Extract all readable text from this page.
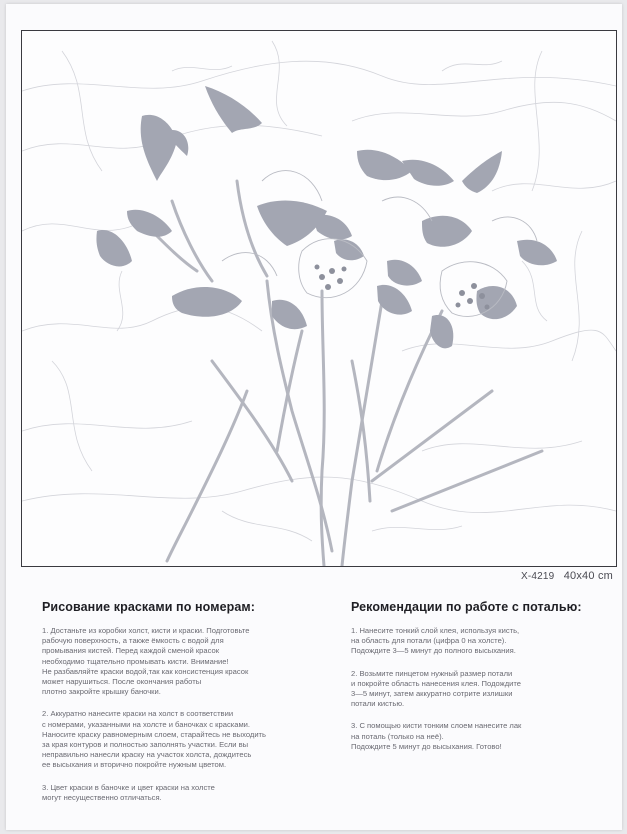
X-4219 40х40 cm
Рисование красками по номерам:
1. Достаньте из коробки холст, кисти и краски. Подготовьте
рабочую поверхность, а также ёмкость с водой для
промывания кистей. Перед каждой сменой красок
необходимо тщательно промывать кисти. Внимание!
Не разбавляйте краски водой,так как консистенция красок
может нарушиться. После окончания работы
плотно закройте крышку баночки.
2. Аккуратно нанесите краски на холст в соответствии
с номерами, указанными на холсте и баночках с красками.
Наносите краску равномерным слоем, старайтесь не выходить
за края контуров и полностью заполнять участки. Если вы
неправильно нанесли краску на участок холста, дождитесь
ее высыхания и вторично покройте нужным цветом.
3. Цвет краски в баночке и цвет краски на холсте
могут несущественно отличаться.
Рекомендации по работе с поталью:
1. Нанесите тонкий слой клея, используя кисть,
на область для потали (цифра 0 на холсте).
Подождите 3—5 минут до полного высыхания.
2. Возьмите пинцетом нужный размер потали
и покройте область нанесения клея. Подождите
3—5 минут, затем аккуратно сотрите излишки
потали кистью.
3. С помощью кисти тонким слоем нанесите лак
на поталь (только на неё).
Подождите 5 минут до высыхания. Готово!
